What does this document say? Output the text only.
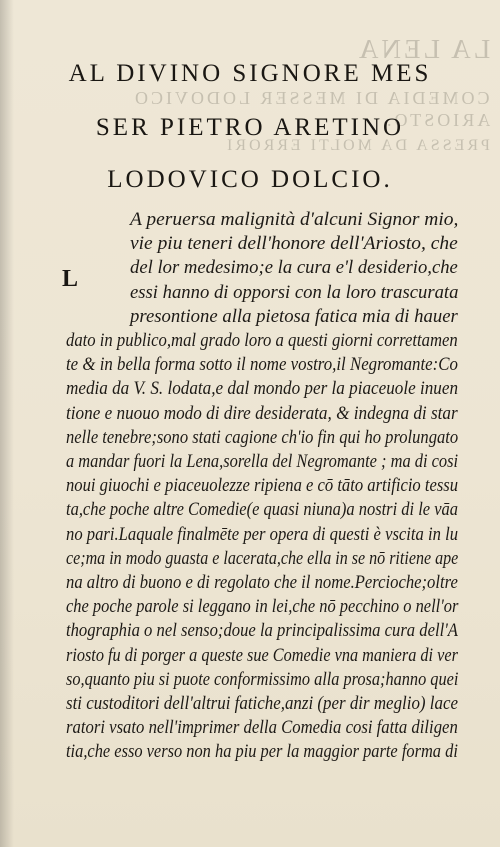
LA LENA
COMEDIA DI MESSER LODOVICO
ARIOSTO.
PRESSA DA MOLTI ERRORI
AL DIVINO SIGNORE MES
SER PIETRO ARETINO
LODOVICO DOLCIO.
L
A peruersa malignità d'alcuni Signor mio,
vie piu teneri dell'honore dell'Ariosto, che
del lor medesimo;e la cura e'l desiderio,che
essi hanno di opporsi con la loro trascurata
presontione alla pietosa fatica mia di hauer
dato in publico,mal grado loro a questi giorni correttamen
te & in bella forma sotto il nome vostro,il Negromante:Co
media da V. S. lodata,e dal mondo per la piaceuole inuen
tione e nuouo modo di dire desiderata, & indegna di star
nelle tenebre;sono stati cagione ch'io fin qui ho prolungato
a mandar fuori la Lena,sorella del Negromante ; ma di cosi
noui giuochi e piaceuolezze ripiena e cō tāto artificio tessu
ta,che poche altre Comedie(e quasi niuna)a nostri di le vāa
no pari.Laquale finalmēte per opera di questi è vscita in lu
ce;ma in modo guasta e lacerata,che ella in se nō ritiene ape
na altro di buono e di regolato che il nome.Percioche;oltre
che poche parole si leggano in lei,che nō pecchino o nell'or
thographia o nel senso;doue la principalissima cura dell'A
riosto fu di porger a queste sue Comedie vna maniera di ver
so,quanto piu si puote conformissimo alla prosa;hanno quei
sti custoditori dell'altrui fatiche,anzi (per dir meglio) lace
ratori vsato nell'imprimer della Comedia cosi fatta diligen
tia,che esso verso non ha piu per la maggior parte forma di
